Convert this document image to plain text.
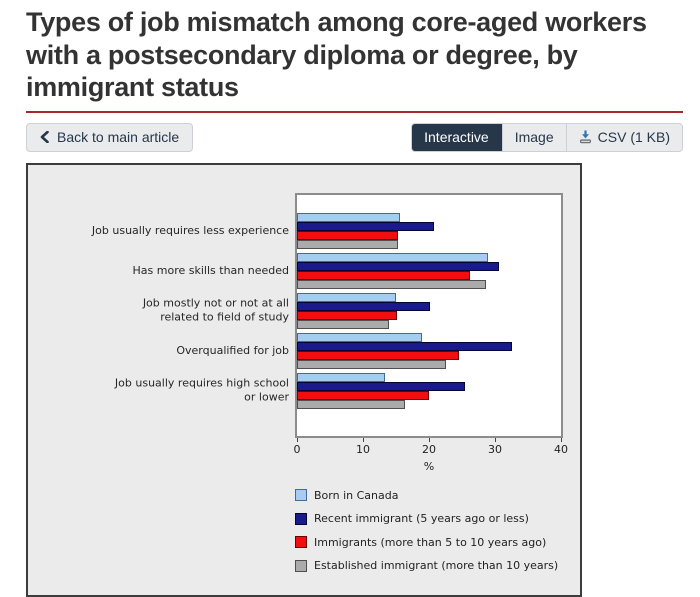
Types of job mismatch among core-aged workers with a postsecondary diploma or degree, by immigrant status
Back to main article	Interactive Image	CSV (1 KB)
Job usually requires less experience
Has more skills than needed
Job mostly not or not at all
related to field of study
Overqualified for job
Job usually requires high school
or lower
0	10	20	30	40
%
Born in Canada
Recent immigrant (5 years ago or less)
Immigrants (more than 5 to 10 years ago)
Established immigrant (more than 10 years)
